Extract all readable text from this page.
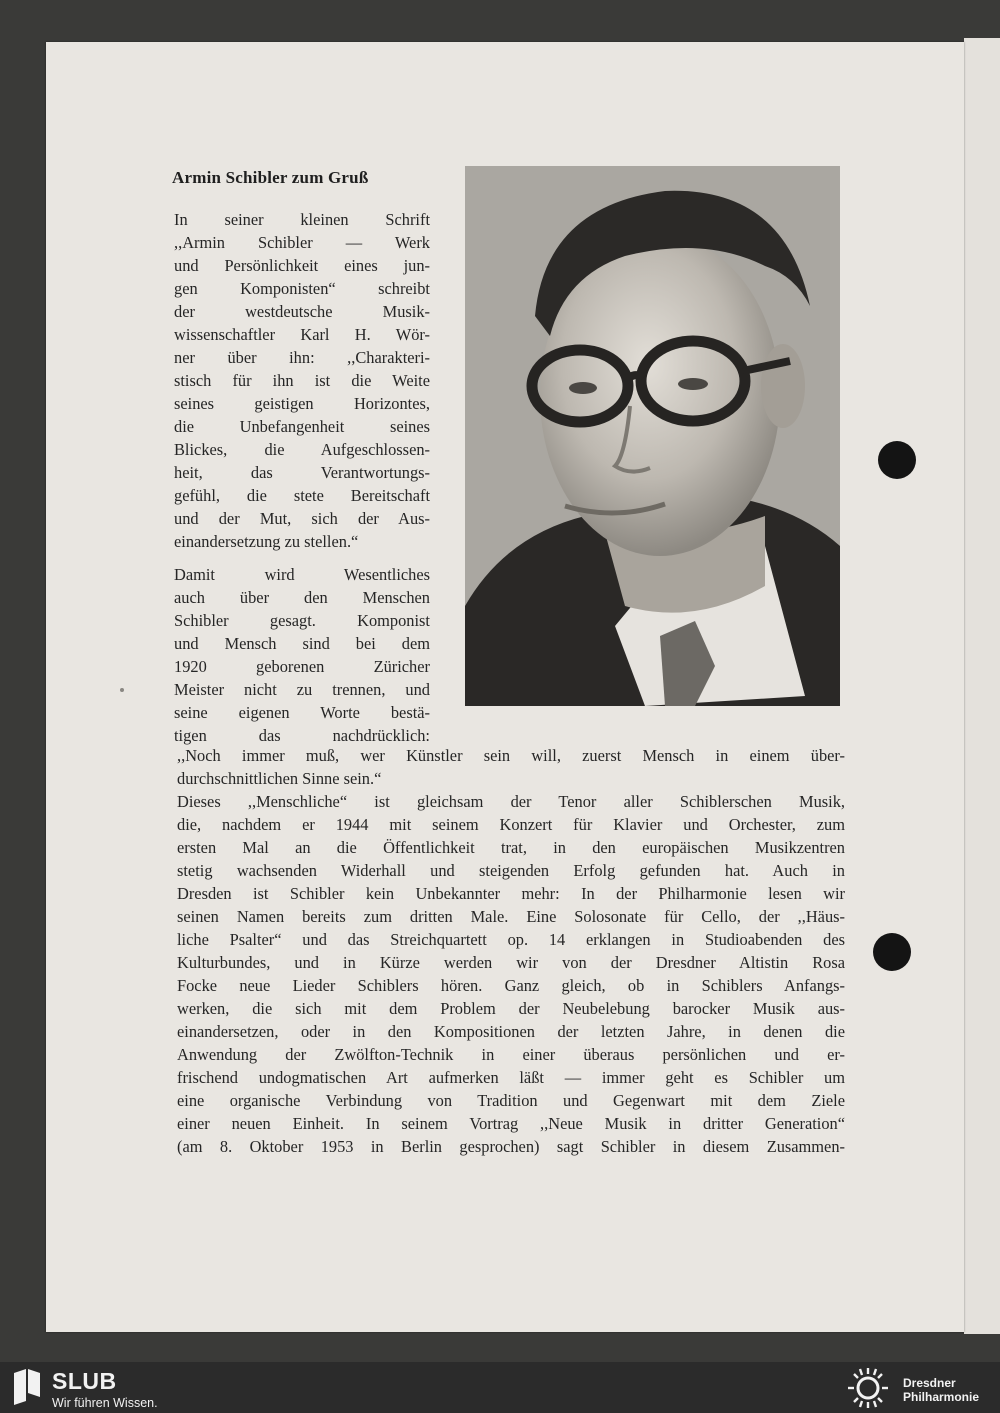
Armin Schibler zum Gruß

In seiner kleinen Schrift
,,Armin Schibler — Werk
und Persönlichkeit eines jun-
gen Komponisten“ schreibt
der westdeutsche Musik-
wissenschaftler Karl H. Wör-
ner über ihn: ,,Charakteri-
stisch für ihn ist die Weite
seines geistigen Horizontes,
die Unbefangenheit seines
Blickes, die Aufgeschlossen-
heit, das Verantwortungs-
gefühl, die stete Bereitschaft
und der Mut, sich der Aus-
einandersetzung zu stellen.“

Damit wird Wesentliches
auch über den Menschen
Schibler gesagt. Komponist
und Mensch sind bei dem
1920 geborenen Züricher
Meister nicht zu trennen, und
seine eigenen Worte bestä-
tigen das nachdrücklich:

,,Noch immer muß, wer Künstler sein will, zuerst Mensch in einem über-
durchschnittlichen Sinne sein.“
Dieses ,,Menschliche“ ist gleichsam der Tenor aller Schiblerschen Musik,
die, nachdem er 1944 mit seinem Konzert für Klavier und Orchester, zum
ersten Mal an die Öffentlichkeit trat, in den europäischen Musikzentren
stetig wachsenden Widerhall und steigenden Erfolg gefunden hat. Auch in
Dresden ist Schibler kein Unbekannter mehr: In der Philharmonie lesen wir
seinen Namen bereits zum dritten Male. Eine Solosonate für Cello, der ,,Häus-
liche Psalter“ und das Streichquartett op. 14 erklangen in Studioabenden des
Kulturbundes, und in Kürze werden wir von der Dresdner Altistin Rosa
Focke neue Lieder Schiblers hören. Ganz gleich, ob in Schiblers Anfangs-
werken, die sich mit dem Problem der Neubelebung barocker Musik aus-
einandersetzen, oder in den Kompositionen der letzten Jahre, in denen die
Anwendung der Zwölfton-Technik in einer überaus persönlichen und er-
frischend undogmatischen Art aufmerken läßt — immer geht es Schibler um
eine organische Verbindung von Tradition und Gegenwart mit dem Ziele
einer neuen Einheit. In seinem Vortrag ,,Neue Musik in dritter Generation“
(am 8. Oktober 1953 in Berlin gesprochen) sagt Schibler in diesem Zusammen-

SLUB
Wir führen Wissen.
Dresdner
Philharmonie
